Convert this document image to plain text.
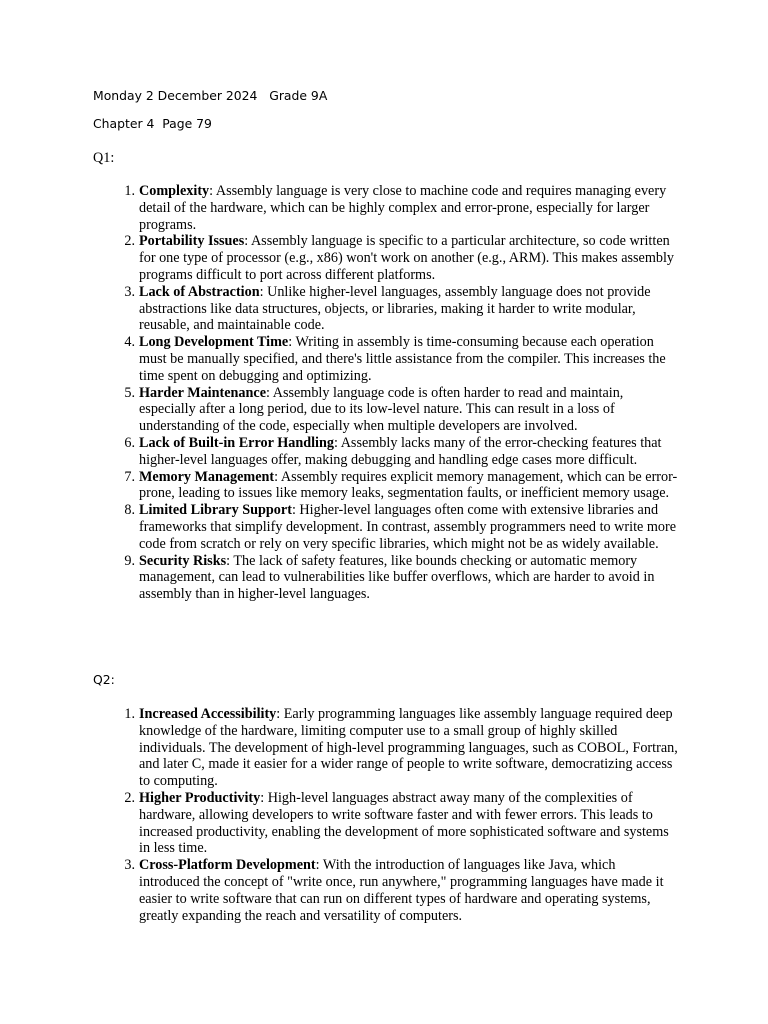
Monday 2 December 2024   Grade 9A
Chapter 4  Page 79
Q1:
Complexity: Assembly language is very close to machine code and requires managing every detail of the hardware, which can be highly complex and error-prone, especially for larger programs.
Portability Issues: Assembly language is specific to a particular architecture, so code written for one type of processor (e.g., x86) won't work on another (e.g., ARM). This makes assembly programs difficult to port across different platforms.
Lack of Abstraction: Unlike higher-level languages, assembly language does not provide abstractions like data structures, objects, or libraries, making it harder to write modular, reusable, and maintainable code.
Long Development Time: Writing in assembly is time-consuming because each operation must be manually specified, and there's little assistance from the compiler. This increases the time spent on debugging and optimizing.
Harder Maintenance: Assembly language code is often harder to read and maintain, especially after a long period, due to its low-level nature. This can result in a loss of understanding of the code, especially when multiple developers are involved.
Lack of Built-in Error Handling: Assembly lacks many of the error-checking features that higher-level languages offer, making debugging and handling edge cases more difficult.
Memory Management: Assembly requires explicit memory management, which can be error-prone, leading to issues like memory leaks, segmentation faults, or inefficient memory usage.
Limited Library Support: Higher-level languages often come with extensive libraries and frameworks that simplify development. In contrast, assembly programmers need to write more code from scratch or rely on very specific libraries, which might not be as widely available.
Security Risks: The lack of safety features, like bounds checking or automatic memory management, can lead to vulnerabilities like buffer overflows, which are harder to avoid in assembly than in higher-level languages.
Q2:
Increased Accessibility: Early programming languages like assembly language required deep knowledge of the hardware, limiting computer use to a small group of highly skilled individuals. The development of high-level programming languages, such as COBOL, Fortran, and later C, made it easier for a wider range of people to write software, democratizing access to computing.
Higher Productivity: High-level languages abstract away many of the complexities of hardware, allowing developers to write software faster and with fewer errors. This leads to increased productivity, enabling the development of more sophisticated software and systems in less time.
Cross-Platform Development: With the introduction of languages like Java, which introduced the concept of "write once, run anywhere," programming languages have made it easier to write software that can run on different types of hardware and operating systems, greatly expanding the reach and versatility of computers.
